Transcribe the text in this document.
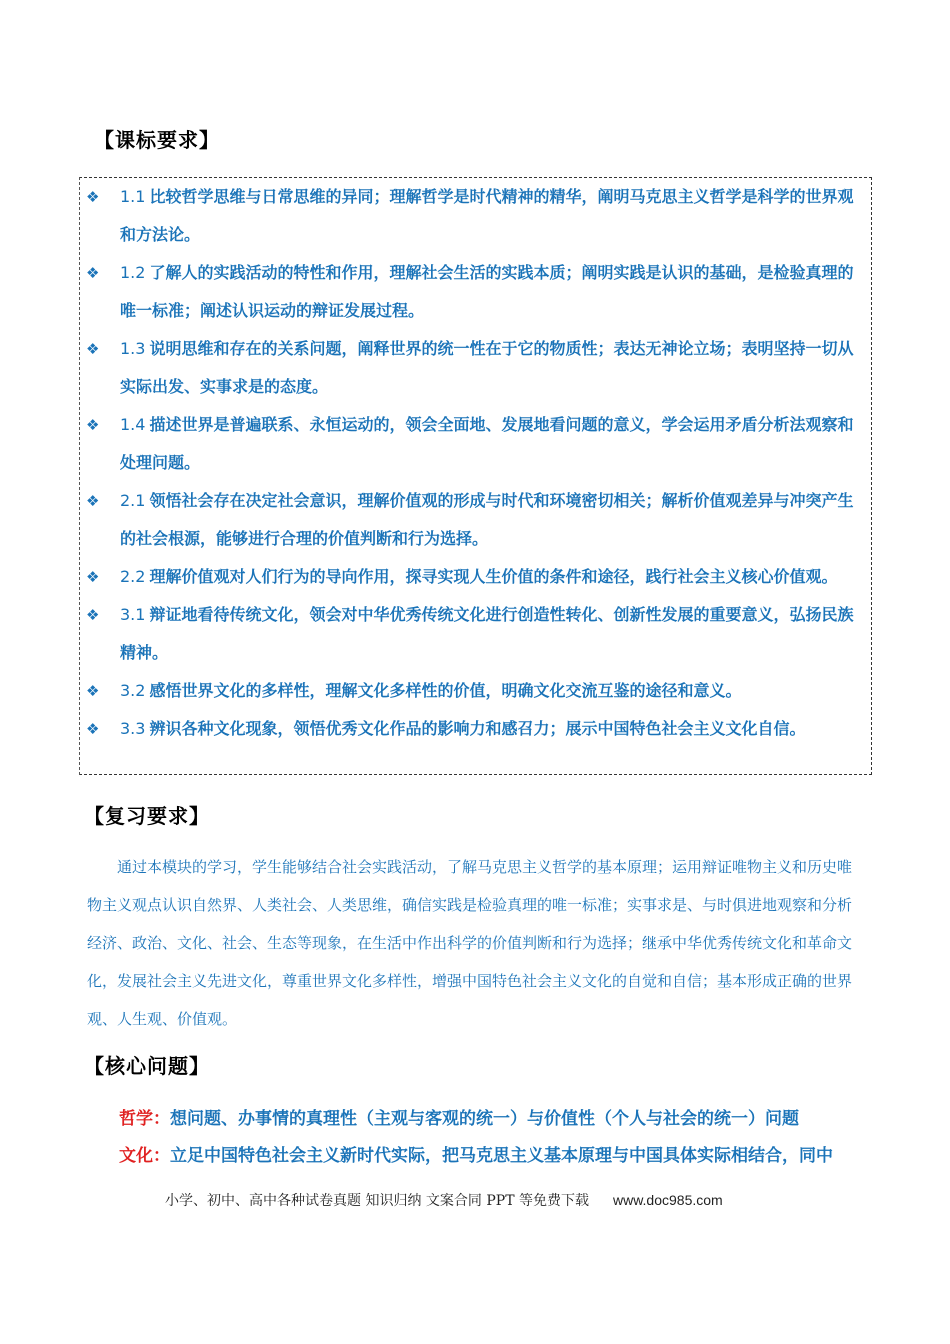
【课标要求】
❖ 1.1 比较哲学思维与日常思维的异同；理解哲学是时代精神的精华，阐明马克思主义哲学是科学的世界观和方法论。
❖ 1.2 了解人的实践活动的特性和作用，理解社会生活的实践本质；阐明实践是认识的基础，是检验真理的唯一标准；阐述认识运动的辩证发展过程。
❖ 1.3 说明思维和存在的关系问题，阐释世界的统一性在于它的物质性；表达无神论立场；表明坚持一切从实际出发、实事求是的态度。
❖ 1.4 描述世界是普遍联系、永恒运动的，领会全面地、发展地看问题的意义，学会运用矛盾分析法观察和处理问题。
❖ 2.1 领悟社会存在决定社会意识，理解价值观的形成与时代和环境密切相关；解析价值观差异与冲突产生的社会根源，能够进行合理的价值判断和行为选择。
❖ 2.2 理解价值观对人们行为的导向作用，探寻实现人生价值的条件和途径，践行社会主义核心价值观。
❖ 3.1 辩证地看待传统文化，领会对中华优秀传统文化进行创造性转化、创新性发展的重要意义，弘扬民族精神。
❖ 3.2 感悟世界文化的多样性，理解文化多样性的价值，明确文化交流互鉴的途径和意义。
❖ 3.3 辨识各种文化现象，领悟优秀文化作品的影响力和感召力；展示中国特色社会主义文化自信。
【复习要求】

通过本模块的学习，学生能够结合社会实践活动，了解马克思主义哲学的基本原理；运用辩证唯物主义和历史唯物主义观点认识自然界、人类社会、人类思维，确信实践是检验真理的唯一标准；实事求是、与时俱进地观察和分析经济、政治、文化、社会、生态等现象，在生活中作出科学的价值判断和行为选择；继承中华优秀传统文化和革命文化，发展社会主义先进文化，尊重世界文化多样性，增强中国特色社会主义文化的自觉和自信；基本形成正确的世界观、人生观、价值观。

【核心问题】
哲学：想问题、办事情的真理性（主观与客观的统一）与价值性（个人与社会的统一）问题
文化：立足中国特色社会主义新时代实际，把马克思主义基本原理与中国具体实际相结合，同中
小学、初中、高中各种试卷真题 知识归纳 文案合同 PPT 等免费下载 www.doc985.com
